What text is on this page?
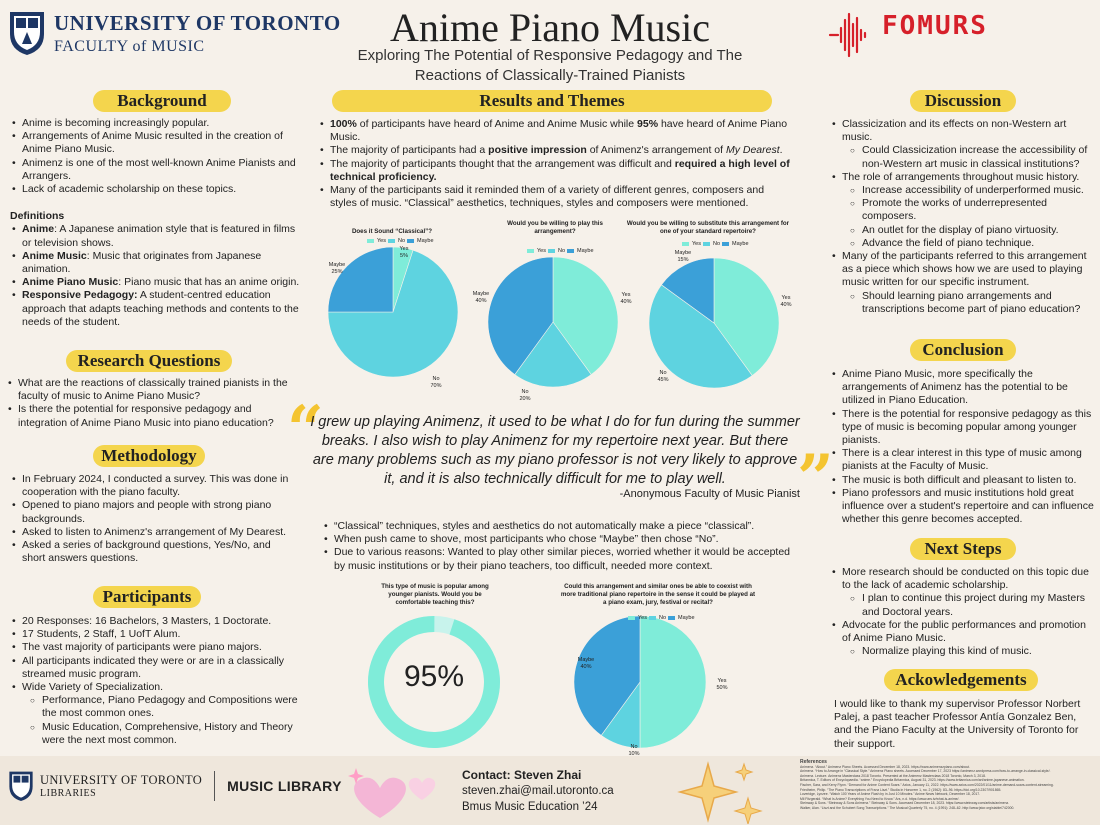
UNIVERSITY OF TORONTO
FACULTY of MUSIC	Anime Piano Music
Exploring The Potential of Responsive Pedagogy and The Reactions of Classically-Trained Pianists
FOMURS
Background
• Anime is becoming increasingly popular.
• Arrangements of Anime Music resulted in the creation of Anime Piano Music.
• Animenz is one of the most well-known Anime Pianists and Arrangers.
• Lack of academic scholarship on these topics.
Definitions
• Anime: A Japanese animation style that is featured in films or television shows.
• Anime Music: Music that originates from Japanese animation.
• Anime Piano Music: Piano music that has an anime origin.
• Responsive Pedagogy: A student-centred education approach that adapts teaching methods and contents to the needs of the student.
Research Questions
• What are the reactions of classically trained pianists in the faculty of music to Anime Piano Music?
• Is there the potential for responsive pedagogy and integration of Anime Piano Music into piano education?
Methodology
• In February 2024, I conducted a survey. This was done in cooperation with the piano faculty.
• Opened to piano majors and people with strong piano backgrounds.
• Asked to listen to Animenz's arrangement of My Dearest.
• Asked a series of background questions, Yes/No, and short answers questions.
Participants
• 20 Responses: 16 Bachelors, 3 Masters, 1 Doctorate.
• 17 Students, 2 Staff, 1 UofT Alum.
• The vast majority of participants were piano majors.
• All participants indicated they were or are in a classically streamed music program.
• Wide Variety of Specialization.
○ Performance, Piano Pedagogy and Compositions were the most common ones.
○ Music Education, Comprehensive, History and Theory were the next most common.
Results and Themes
• 100% of participants have heard of Anime and Anime Music while 95% have heard of Anime Piano Music.
• The majority of participants had a positive impression of Animenz's arrangement of My Dearest.
• The majority of participants thought that the arrangement was difficult and required a high level of technical proficiency.
• Many of the participants said it reminded them of a variety of different genres, composers and styles of music. “Classical” aesthetics, techniques, styles and composers were mentioned.
Does it Sound “Classical”?
Yes No Maybe
Would you be willing to play this arrangement?
Yes No Maybe
Would you be willing to substitute this arrangement for one of your standard repertoire?
Yes No Maybe
Yes
5%
No
70%
Maybe
25%
Yes
40%
No
20%
Maybe
40%	Yes
40%
No
45%
Maybe
15%
“
”
I grew up playing Animenz, it used to be what I do for fun during the summer breaks. I also wish to play Animenz for my repertoire next year. But there are many problems such as my piano professor is not very likely to approve it, and it is also technically difficult for me to play well.
-Anonymous Faculty of Music Pianist
• “Classical” techniques, styles and aesthetics do not automatically make a piece “classical”.
• When push came to shove, most participants who chose “Maybe” then chose “No”.
• Due to various reasons: Wanted to play other similar pieces, worried whether it would be accepted by music institutions or by their piano teachers, too difficult, needed more context.
This type of music is popular among younger pianists. Would you be comfortable teaching this?
95%
Could this arrangement and similar ones be able to coexist with more traditional piano repertoire in the sense it could be played at a piano exam, jury, festival or recital?
Yes No Maybe
Yes
50%
No
10%
Maybe
40%
Discussion
• Classicization and its effects on non-Western art music.
○ Could Classicization increase the accessibility of non-Western art music in classical institutions?
• The role of arrangements throughout music history.
○ Increase accessibility of underperformed music.
○ Promote the works of underrepresented composers.
○ An outlet for the display of piano virtuosity.
○ Advance the field of piano technique.
• Many of the participants referred to this arrangement as a piece which shows how we are used to playing music written for our specific instrument.
○ Should learning piano arrangements and transcriptions become part of piano education?
Conclusion
• Anime Piano Music, more specifically the arrangements of Animenz has the potential to be utilized in Piano Education.
• There is the potential for responsive pedagogy as this type of music is becoming popular among younger pianists.
• There is a clear interest in this type of music among pianists at the Faculty of Music.
• The music is both difficult and pleasant to listen to.
• Piano professors and music institutions hold great influence over a student's repertoire and can influence whether this genre becomes accepted.
Next Steps
• More research should be conducted on this topic due to the lack of academic scholarship.
○ I plan to continue this project during my Masters and Doctoral years.
• Advocate for the public performances and promotion of Anime Piano Music.
○ Normalize playing this kind of music.
Ackowledgements
I would like to thank my supervisor Professor Norbert Palej, a past teacher Professor Antía Gonzalez Ben, and the Piano Faculty at the University of Toronto for their support.
UNIVERSITY OF TORONTO
LIBRARIES	MUSIC LIBRARY
Contact: Steven Zhai
steven.zhai@mail.utoronto.ca
Bmus Music Education ’24
References
Animenz. “About.” Animenz Piano Sheets. Accessed December 18, 2023. https://www.animenzzpiano.com/about.
Animenz. “How to Arrange in “Classical Style.” Animenz Piano sheets. Accessed December 17, 2023 https://animenz.wordpress.com/how-to-arrange-in-classical-style/.
Animenz. Lecture. Animenz Masterclass 2018 Toronto. Presented at the Animenz Masterclass 2018 Toronto, March 3, 2018.
Britannica, T. Editors of Encyclopaedia. “anime.” Encyclopedia Britannica, August 31, 2023. https://www.britannica.com/art/anime-japanese-animation.
Fischer, Sara, and Kerry Flynn. “Demand for Anime Content Soars.” Axios, January 11, 2022. https://www.axios.com/2022/01/11/anime-demand-soars-content-streaming.
Friedheim, Philip. “The Piano Transcriptions of Franz Liszt.” Studia in Honorem 1, no. 2 (1962): 83–96. https://doi.org/10.2307/901865.
Loveridge, Lynzee. “Watch 100 Years of Anime Flash by in Just 10 Minutes.” Anime News Network, December 18, 2017.
Mil Fitzgerald. “What Is Anime? Everything You Need to Know.” Ars, n.d. https://www.ars.tv/what-is-anime/.
Steinway & Sons. “Steinway & Sons Animenz.” Steinway & Sons. Accessed December 18, 2023. https://www.steinway.com/artists/animenz.
Walker, Alan. “Liszt and the Schubert Song Transcriptions.” The Musical Quarterly 75, no. 4 (1991): 248–62. http://www.jstor.org/stable/742000.
